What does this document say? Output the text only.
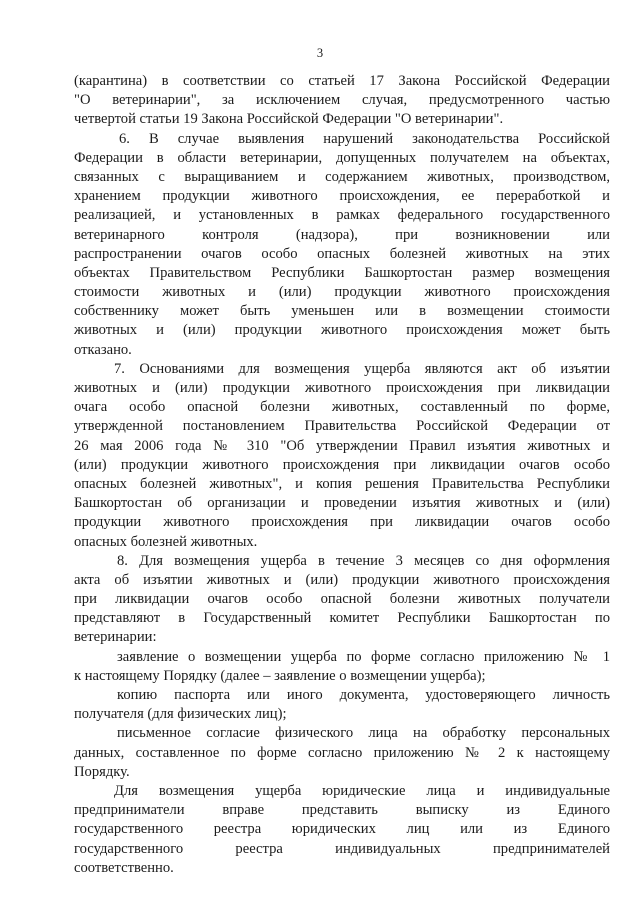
3
(карантина) в соответствии со статьей 17 Закона Российской Федерации
"О ветеринарии", за исключением случая, предусмотренного частью
четвертой статьи 19 Закона Российской Федерации "О ветеринарии".
6. В случае выявления нарушений законодательства Российской
Федерации в области ветеринарии, допущенных получателем на объектах,
связанных с выращиванием и содержанием животных, производством,
хранением продукции животного происхождения, ее переработкой и
реализацией, и установленных в рамках федерального государственного
ветеринарного контроля (надзора), при возникновении или
распространении очагов особо опасных болезней животных на этих
объектах Правительством Республики Башкортостан размер возмещения
стоимости животных и (или) продукции животного происхождения
собственнику может быть уменьшен или в возмещении стоимости
животных и (или) продукции животного происхождения может быть
отказано.
7. Основаниями для возмещения ущерба являются акт об изъятии
животных и (или) продукции животного происхождения при ликвидации
очага особо опасной болезни животных, составленный по форме,
утвержденной постановлением Правительства Российской Федерации от
26 мая 2006 года № 310 "Об утверждении Правил изъятия животных и
(или) продукции животного происхождения при ликвидации очагов особо
опасных болезней животных", и копия решения Правительства Республики
Башкортостан об организации и проведении изъятия животных и (или)
продукции животного происхождения при ликвидации очагов особо
опасных болезней животных.
8. Для возмещения ущерба в течение 3 месяцев со дня оформления
акта об изъятии животных и (или) продукции животного происхождения
при ликвидации очагов особо опасной болезни животных получатели
представляют в Государственный комитет Республики Башкортостан по
ветеринарии:
заявление о возмещении ущерба по форме согласно приложению № 1
к настоящему Порядку (далее – заявление о возмещении ущерба);
копию паспорта или иного документа, удостоверяющего личность
получателя (для физических лиц);
письменное согласие физического лица на обработку персональных
данных, составленное по форме согласно приложению № 2 к настоящему
Порядку.
Для возмещения ущерба юридические лица и индивидуальные
предприниматели вправе представить выписку из Единого
государственного реестра юридических лиц или из Единого
государственного реестра индивидуальных предпринимателей
соответственно.
